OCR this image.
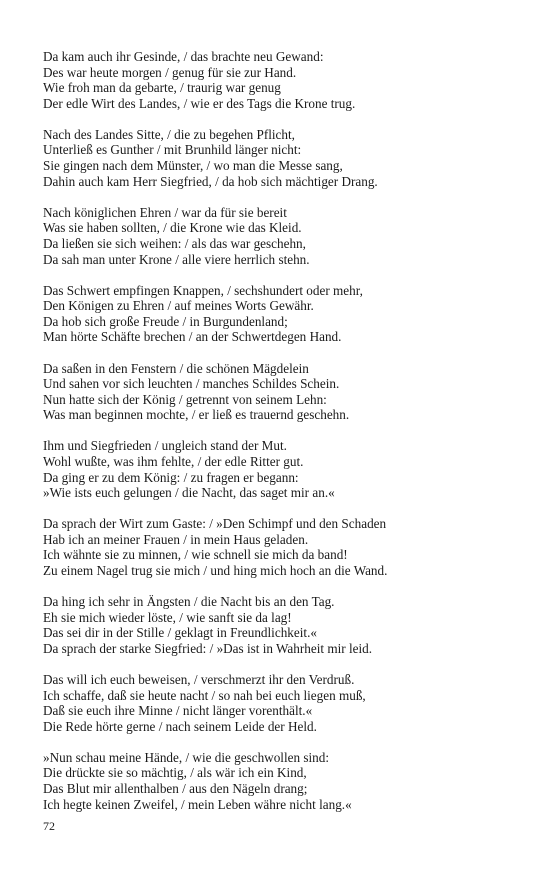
Da kam auch ihr Gesinde, / das brachte neu Gewand:
Des war heute morgen / genug für sie zur Hand.
Wie froh man da gebarte, / traurig war genug
Der edle Wirt des Landes, / wie er des Tags die Krone trug.
Nach des Landes Sitte, / die zu begehen Pflicht,
Unterließ es Gunther / mit Brunhild länger nicht:
Sie gingen nach dem Münster, / wo man die Messe sang,
Dahin auch kam Herr Siegfried, / da hob sich mächtiger Drang.
Nach königlichen Ehren / war da für sie bereit
Was sie haben sollten, / die Krone wie das Kleid.
Da ließen sie sich weihen: / als das war geschehn,
Da sah man unter Krone / alle viere herrlich stehn.
Das Schwert empfingen Knappen, / sechshundert oder mehr,
Den Königen zu Ehren / auf meines Worts Gewähr.
Da hob sich große Freude / in Burgundenland;
Man hörte Schäfte brechen / an der Schwertdegen Hand.
Da saßen in den Fenstern / die schönen Mägdelein
Und sahen vor sich leuchten / manches Schildes Schein.
Nun hatte sich der König / getrennt von seinem Lehn:
Was man beginnen mochte, / er ließ es trauernd geschehn.
Ihm und Siegfrieden / ungleich stand der Mut.
Wohl wußte, was ihm fehlte, / der edle Ritter gut.
Da ging er zu dem König: / zu fragen er begann:
»Wie ists euch gelungen / die Nacht, das saget mir an.«
Da sprach der Wirt zum Gaste: / »Den Schimpf und den Schaden
Hab ich an meiner Frauen / in mein Haus geladen.
Ich wähnte sie zu minnen, / wie schnell sie mich da band!
Zu einem Nagel trug sie mich / und hing mich hoch an die Wand.
Da hing ich sehr in Ängsten / die Nacht bis an den Tag.
Eh sie mich wieder löste, / wie sanft sie da lag!
Das sei dir in der Stille / geklagt in Freundlichkeit.«
Da sprach der starke Siegfried: / »Das ist in Wahrheit mir leid.
Das will ich euch beweisen, / verschmerzt ihr den Verdruß.
Ich schaffe, daß sie heute nacht / so nah bei euch liegen muß,
Daß sie euch ihre Minne / nicht länger vorenthält.«
Die Rede hörte gerne / nach seinem Leide der Held.
»Nun schau meine Hände, / wie die geschwollen sind:
Die drückte sie so mächtig, / als wär ich ein Kind,
Das Blut mir allenthalben / aus den Nägeln drang;
Ich hegte keinen Zweifel, / mein Leben währe nicht lang.«
72
